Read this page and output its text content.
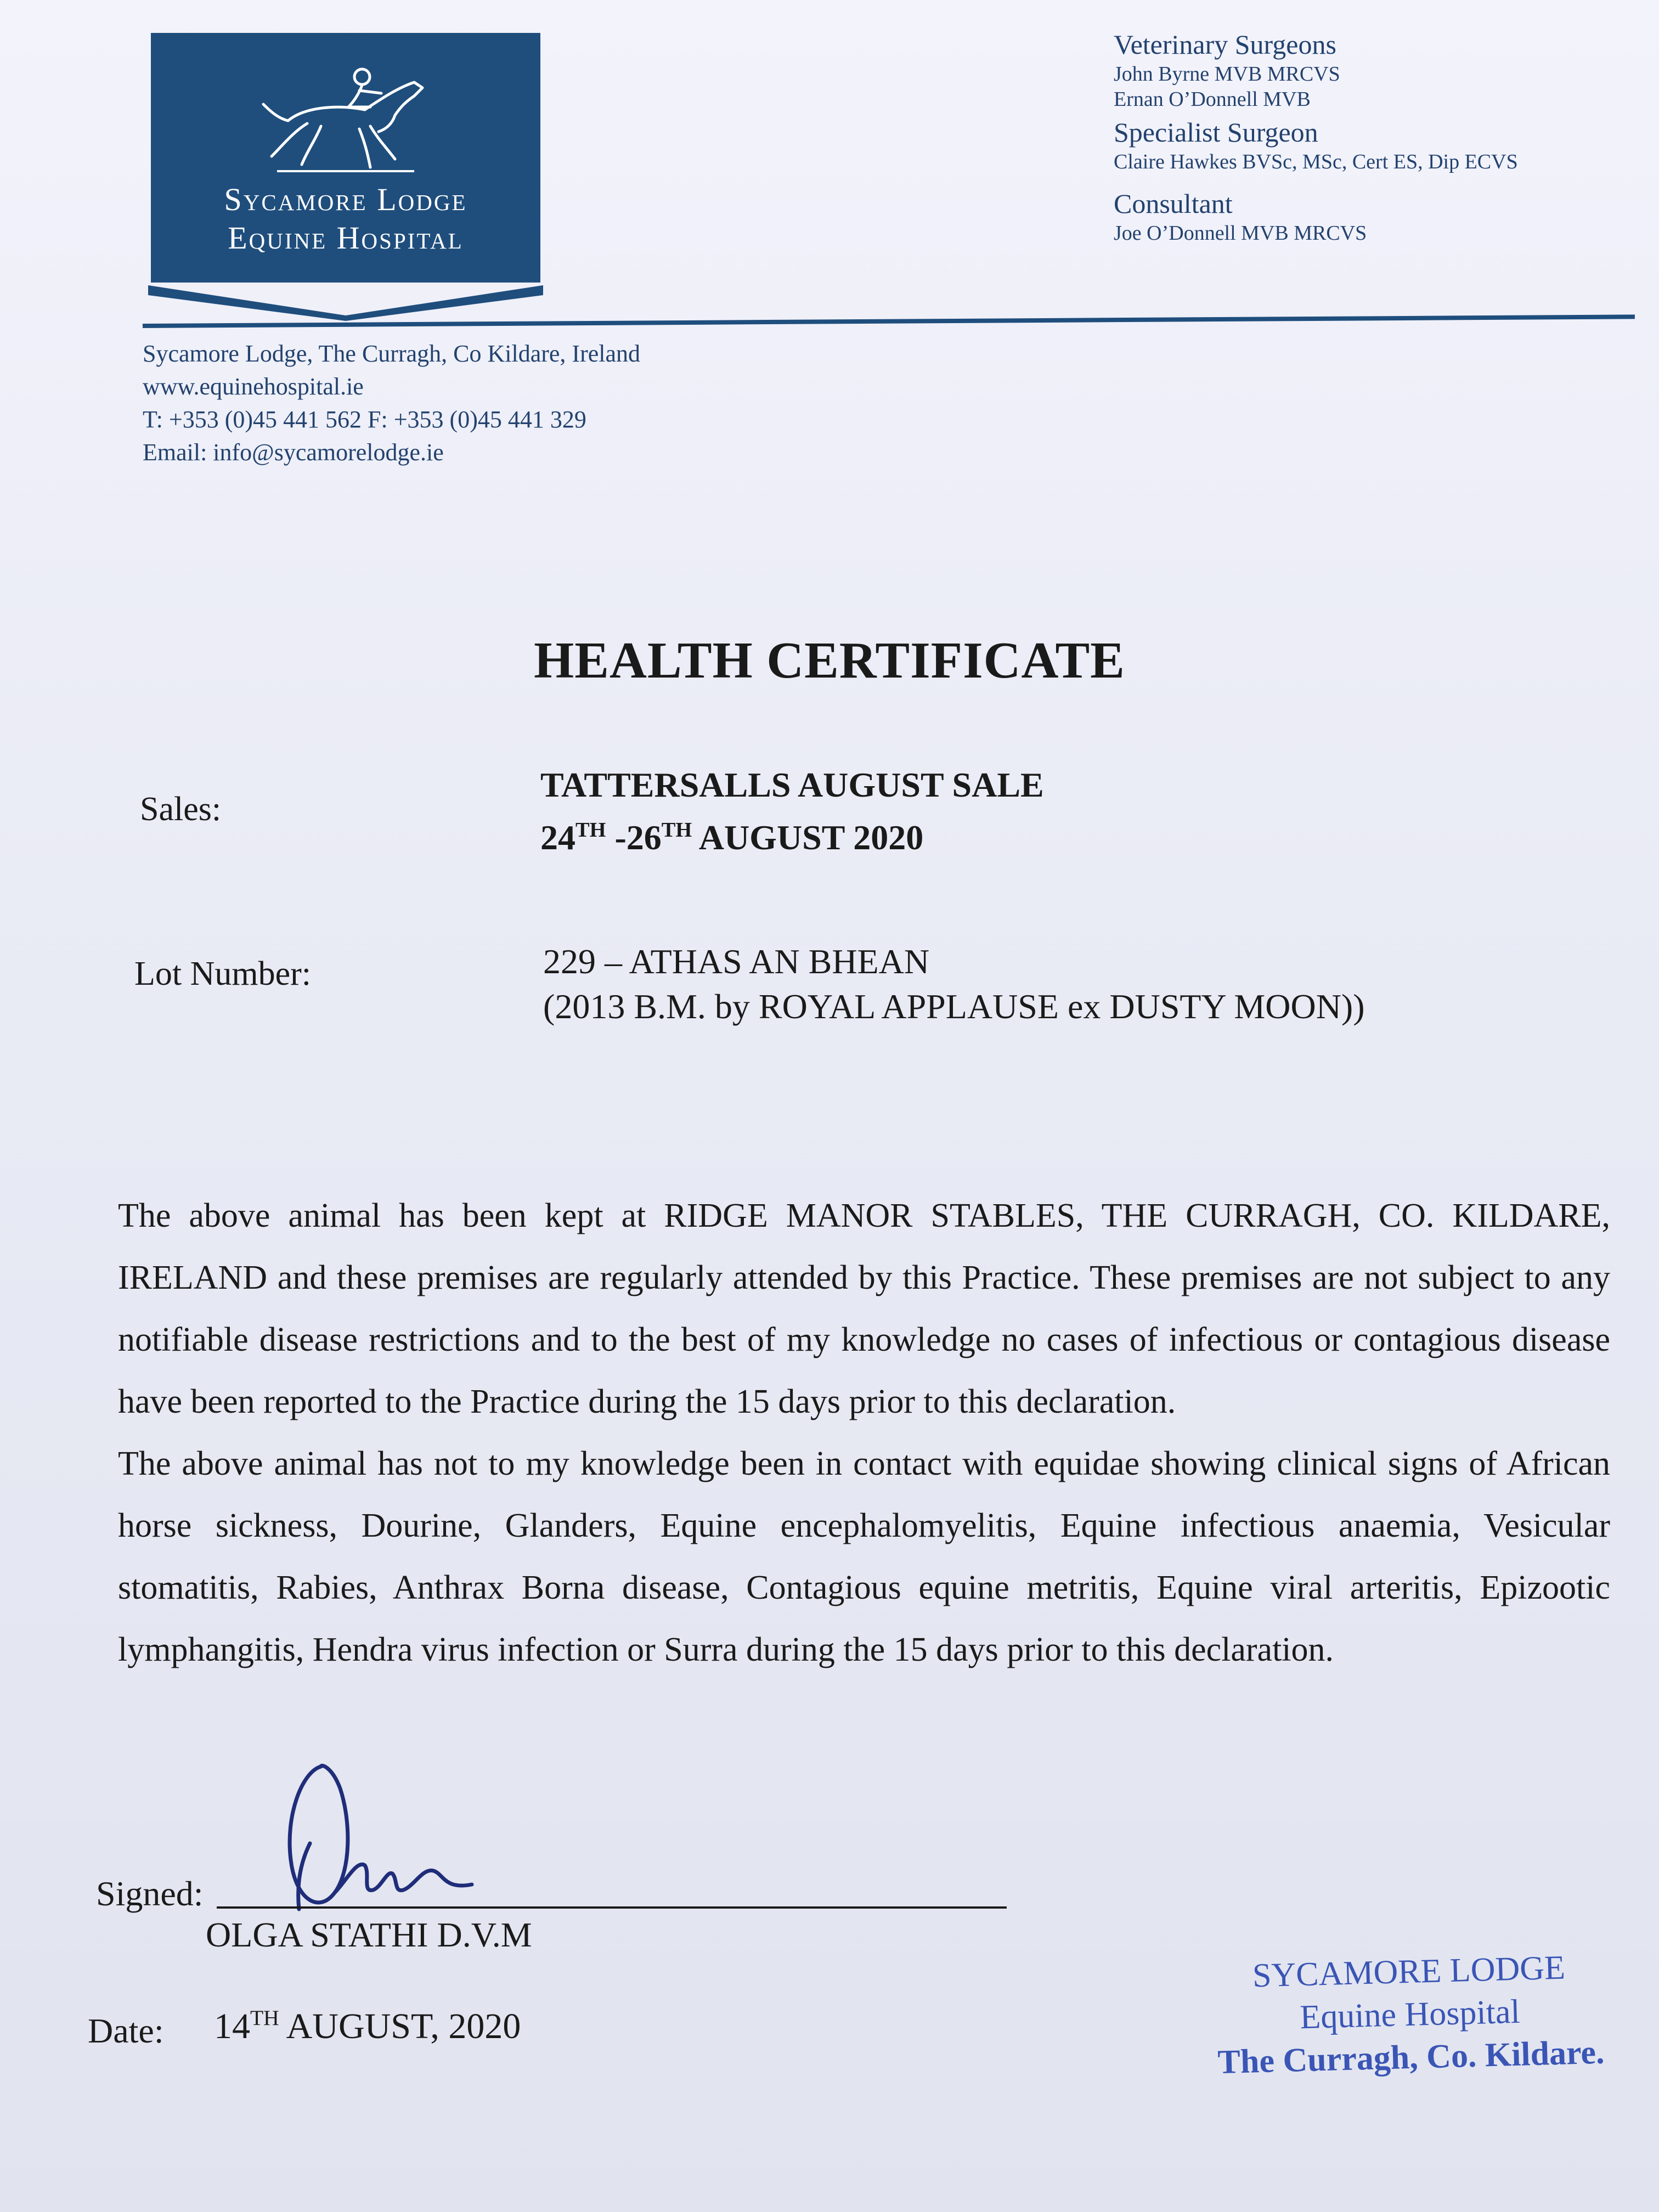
Sycamore Lodge
Equine Hospital
Veterinary Surgeons
John Byrne MVB MRCVS
Ernan O’Donnell MVB
Specialist Surgeon
Claire Hawkes BVSc, MSc, Cert ES, Dip ECVS
Consultant
Joe O’Donnell MVB MRCVS
Sycamore Lodge, The Curragh, Co Kildare, Ireland
www.equinehospital.ie
T: +353 (0)45 441 562 F: +353 (0)45 441 329
Email: info@sycamorelodge.ie
HEALTH CERTIFICATE
Sales:
TATTERSALLS AUGUST SALE
24TH -26TH AUGUST 2020
Lot Number:	229 – ATHAS AN BHEAN
(2013 B.M. by ROYAL APPLAUSE ex DUSTY MOON))

The above animal has been kept at RIDGE MANOR STABLES, THE CURRAGH, CO. KILDARE, IRELAND and these premises are regularly attended by this Practice. These premises are not subject to any notifiable disease restrictions and to the best of my knowledge no cases of infectious or contagious disease have been reported to the Practice during the 15 days prior to this declaration.

The above animal has not to my knowledge been in contact with equidae showing clinical signs of African horse sickness, Dourine, Glanders, Equine encephalomyelitis, Equine infectious anaemia, Vesicular stomatitis, Rabies, Anthrax Borna disease, Contagious equine metritis, Equine viral arteritis, Epizootic lymphangitis, Hendra virus infection or Surra during the 15 days prior to this declaration.

Signed:
OLGA STATHI D.V.M
Date: 14TH AUGUST, 2020
SYCAMORE LODGE
Equine Hospital
The Curragh, Co. Kildare.
